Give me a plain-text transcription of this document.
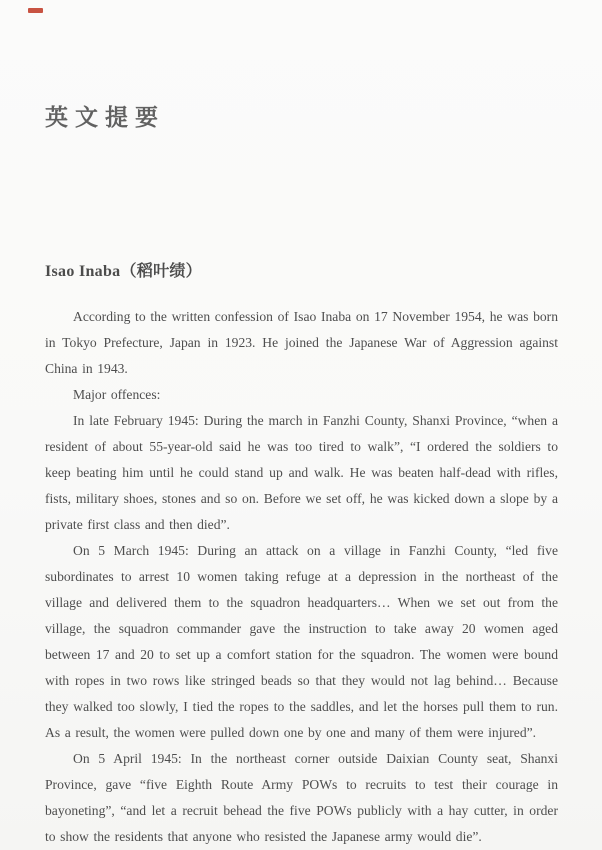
英文提要
Isao Inaba（稻叶绩）

According to the written confession of Isao Inaba on 17 November 1954, he was born in Tokyo Prefecture, Japan in 1923. He joined the Japanese War of Aggression against China in 1943.

Major offences:

In late February 1945: During the march in Fanzhi County, Shanxi Province, “when a resident of about 55-year-old said he was too tired to walk”, “I ordered the soldiers to keep beating him until he could stand up and walk. He was beaten half-dead with rifles, fists, military shoes, stones and so on. Before we set off, he was kicked down a slope by a private first class and then died”.

On 5 March 1945: During an attack on a village in Fanzhi County, “led five subordinates to arrest 10 women taking refuge at a depression in the northeast of the village and delivered them to the squadron headquarters… When we set out from the village, the squadron commander gave the instruction to take away 20 women aged between 17 and 20 to set up a comfort station for the squadron. The women were bound with ropes in two rows like stringed beads so that they would not lag behind… Because they walked too slowly, I tied the ropes to the saddles, and let the horses pull them to run. As a result, the women were pulled down one by one and many of them were injured”.

On 5 April 1945: In the northeast corner outside Daixian County seat, Shanxi Province, gave “five Eighth Route Army POWs to recruits to test their courage in bayoneting”, “and let a recruit behead the five POWs publicly with a hay cutter, in order to show the residents that anyone who resisted the Japanese army would die”.
